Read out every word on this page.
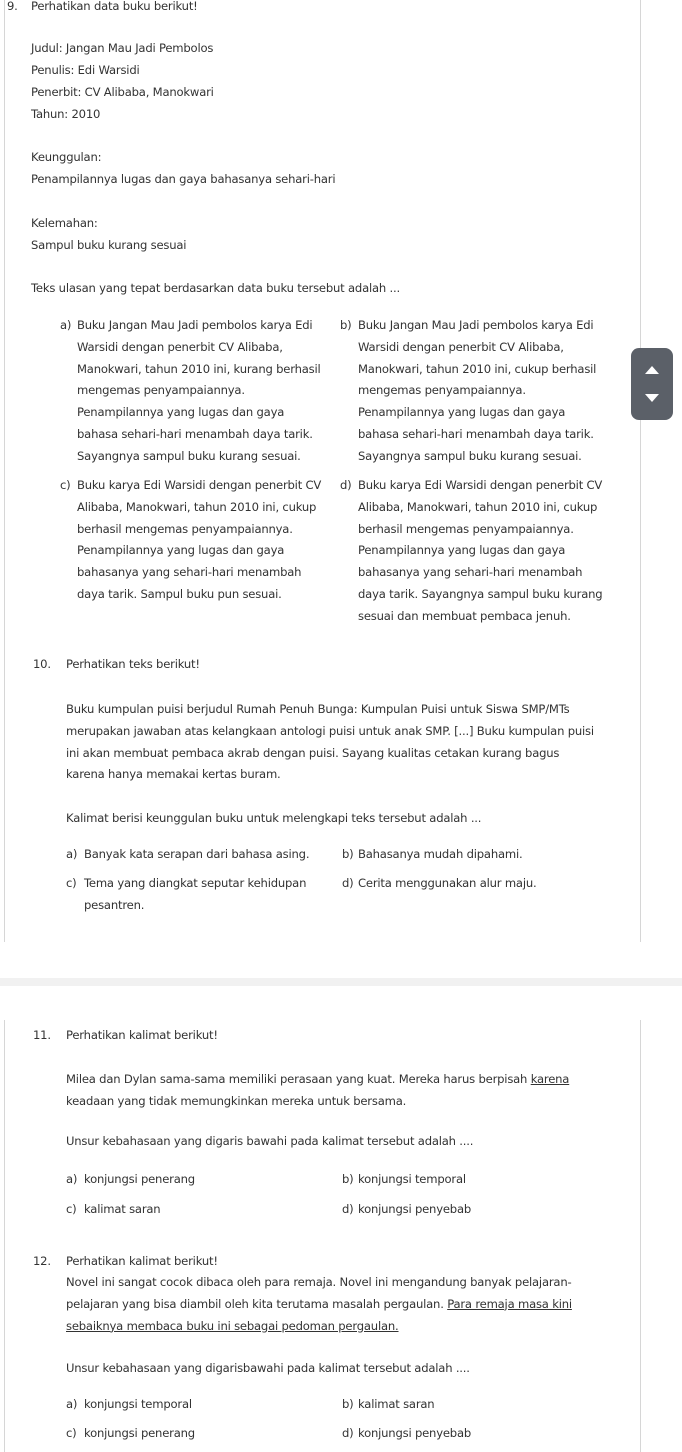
9. Perhatikan data buku berikut!
Judul: Jangan Mau Jadi Pembolos
Penulis: Edi Warsidi
Penerbit: CV Alibaba, Manokwari
Tahun: 2010
Keunggulan:
Penampilannya lugas dan gaya bahasanya sehari-hari
Kelemahan:
Sampul buku kurang sesuai
Teks ulasan yang tepat berdasarkan data buku tersebut adalah ...
a) Buku Jangan Mau Jadi pembolos karya Edi
Warsidi dengan penerbit CV Alibaba,
Manokwari, tahun 2010 ini, kurang berhasil
mengemas penyampaiannya.
Penampilannya yang lugas dan gaya
bahasa sehari-hari menambah daya tarik.
Sayangnya sampul buku kurang sesuai.
b) Buku Jangan Mau Jadi pembolos karya Edi
Warsidi dengan penerbit CV Alibaba,
Manokwari, tahun 2010 ini, cukup berhasil
mengemas penyampaiannya.
Penampilannya yang lugas dan gaya
bahasa sehari-hari menambah daya tarik.
Sayangnya sampul buku kurang sesuai.
c) Buku karya Edi Warsidi dengan penerbit CV
Alibaba, Manokwari, tahun 2010 ini, cukup
berhasil mengemas penyampaiannya.
Penampilannya yang lugas dan gaya
bahasanya yang sehari-hari menambah
daya tarik. Sampul buku pun sesuai.
d) Buku karya Edi Warsidi dengan penerbit CV
Alibaba, Manokwari, tahun 2010 ini, cukup
berhasil mengemas penyampaiannya.
Penampilannya yang lugas dan gaya
bahasanya yang sehari-hari menambah
daya tarik. Sayangnya sampul buku kurang
sesuai dan membuat pembaca jenuh.
10. Perhatikan teks berikut!
Buku kumpulan puisi berjudul Rumah Penuh Bunga: Kumpulan Puisi untuk Siswa SMP/MTs
merupakan jawaban atas kelangkaan antologi puisi untuk anak SMP. [...] Buku kumpulan puisi
ini akan membuat pembaca akrab dengan puisi. Sayang kualitas cetakan kurang bagus
karena hanya memakai kertas buram.
Kalimat berisi keunggulan buku untuk melengkapi teks tersebut adalah ...
a) Banyak kata serapan dari bahasa asing.	b) Bahasanya mudah dipahami.
c) Tema yang diangkat seputar kehidupan
pesantren.
d) Cerita menggunakan alur maju.
11. Perhatikan kalimat berikut!
Milea dan Dylan sama-sama memiliki perasaan yang kuat. Mereka harus berpisah karena
keadaan yang tidak memungkinkan mereka untuk bersama.
Unsur kebahasaan yang digaris bawahi pada kalimat tersebut adalah ....
a) konjungsi penerang	b) konjungsi temporal
c) kalimat saran	d) konjungsi penyebab
12. Perhatikan kalimat berikut!
Novel ini sangat cocok dibaca oleh para remaja. Novel ini mengandung banyak pelajaran-
pelajaran yang bisa diambil oleh kita terutama masalah pergaulan. Para remaja masa kini
sebaiknya membaca buku ini sebagai pedoman pergaulan.
Unsur kebahasaan yang digarisbawahi pada kalimat tersebut adalah ....
a) konjungsi temporal	b) kalimat saran
c) konjungsi penerang	d) konjungsi penyebab
